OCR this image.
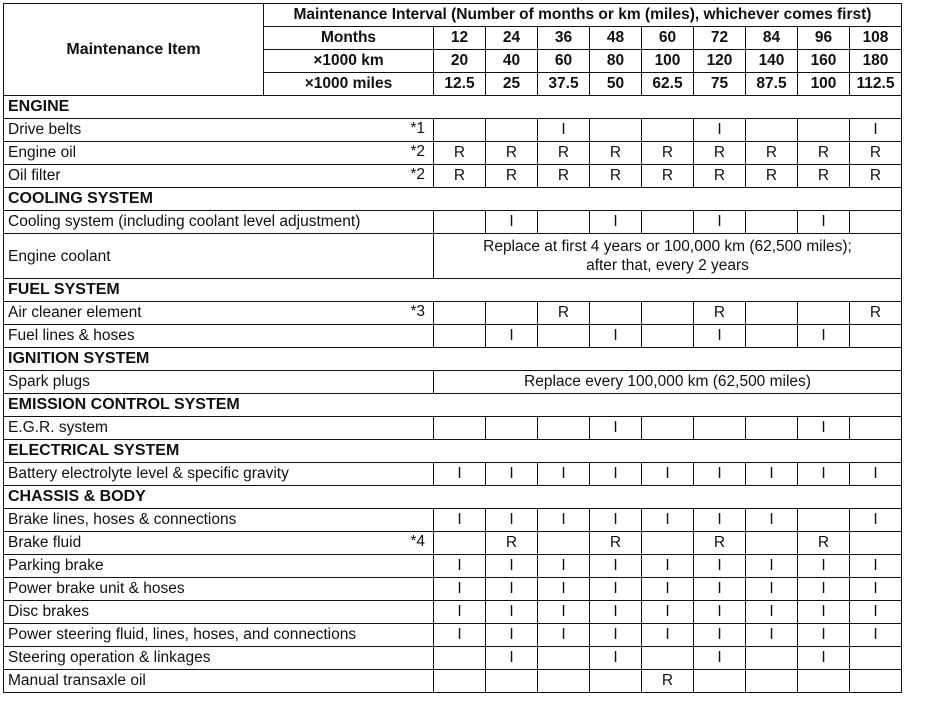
Maintenance Item	Maintenance Interval (Number of months or km (miles), whichever comes first)									
	Months	12	24	36	48	60	72	84	96	108
	×1000 km	20	40	60	80	100	120	140	160	180
	×1000 miles	12.5	25	37.5	50	62.5	75	87.5	100	112.5
ENGINE										
Drive belts *1				I			I			I
Engine oil *2		R	R	R	R	R	R	R	R	R
Oil filter *2		R	R	R	R	R	R	R	R	R
COOLING SYSTEM										
Cooling system (including coolant level adjustment)			I		I		I		I	
Engine coolant		Replace at first 4 years or 100,000 km (62,500 miles);
after that, every 2 years								

FUEL SYSTEM										
Air cleaner element *3				R			R			R
Fuel lines & hoses			I		I		I		I	
IGNITION SYSTEM										
Spark plugs		Replace every 100,000 km (62,500 miles)								

EMISSION CONTROL SYSTEM										
E.G.R. system					I				I	
ELECTRICAL SYSTEM										
Battery electrolyte level & specific gravity		I	I	I	I	I	I	I	I	I
CHASSIS & BODY										
Brake lines, hoses & connections		I	I	I	I	I	I	I		I
Brake fluid *4			R		R		R		R	
Parking brake		I	I	I	I	I	I	I	I	I
Power brake unit & hoses		I	I	I	I	I	I	I	I	I
Disc brakes		I	I	I	I	I	I	I	I	I
Power steering fluid, lines, hoses, and connections		I	I	I	I	I	I	I	I	I
Steering operation & linkages			I		I		I		I	
Manual transaxle oil						R				
